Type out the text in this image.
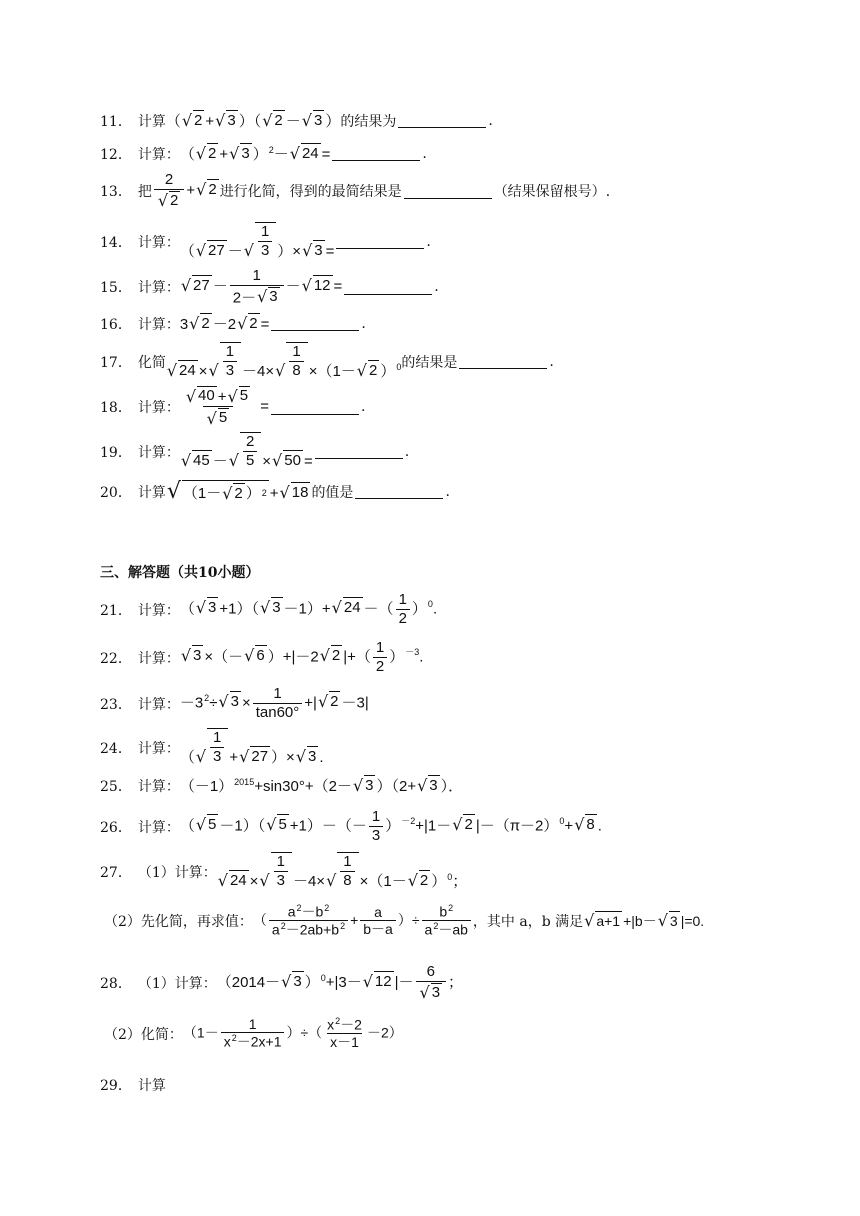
11． 计算 （ √ 2 + √ 3 ）（ √ 2 － √ 3 ） 的结果为	.
12． 计算： （ √ 2 + √ 3 ）$^2$－ √ 24 =	.
13． 把 $\frac{2}{√ 2}$ + √ 2 进行化简，得到的最简结果是	（结果保留根号） ．
14． 计算：
（ √ 27 － √ $\frac{1}{3}$ ）× √ 3 =
.
15． 计算： √ $27 - \frac{1}{2- √ 3}$ － √ 12 =	.
16． 计算： 3 √ 2 －2 √ 2 =	.
17． 化简 √ 24 × √ $\frac{1}{3} -4\times$ √ $\frac{1}{8} \times(1-$ √ 2 ）$^0$ 的结果是	.
18． 计算： $\frac{√ 40 + √ 5}{√ 5}$ =	.
19． 计算： √ 45 － √ $\frac{2}{5}$ × √ 50 =
.
20． 计算 √ （1－ √ 2 ） 2 + √ 18 的值是	.
三、解答题（共10小题）
21． 计算： （ √ 3 +1）（ √ 3 －1）+ √ 24 －（ $\frac{1}{2} )^0$.
22． 计算： √ 3 ×（－ √ 6 ）+|－2 √ 2 |+（ $\frac{1}{2} )^{-3}$.
23． 计算： $-3^2\div$ √ $3 \times \frac{1}{\tan 60^\circ}$ +| √ 2 －3|
24． 计算：
（ √ $\frac{1}{3}$ + √ 27 ）× √ 3 .
25． 计算： $(-1)^{2015}+\sin 30^\circ+(2-$ √ 3 ）（2+ √ 3 ）．
26． 计算： （ √ 5 －1）（ √ $5 +1)-(- \frac{1}{3} )^{-2}+|1-$ √ 2 $|-(\pi-2)^0+$ √ 8 .
27． （1）计算： √ 24 × √ $\frac{1}{3} -4\times$ √ $\frac{1}{8} \times(1-$ √ 2 ）$^0$；
（2）先化简，再求值： （ $\frac{a^2-b^2}{a^2-2ab+b^2} + \frac{a}{b-a}$ ）÷ $\frac{b^2}{a^2-ab}$ ，其中 a，b 满足 √ a+1 +|b－ √ 3 |=0.
28． （1）计算： （2014－ √ 3 ）$^0$+|3－ √ 12 |－ $\frac{6}{√ 3}$ ；
（2）化简： （$1- \frac{1}{x^2-2x+1}$ ）÷（ $\frac{x^2-2}{x-1} -2$）
29． 计算
